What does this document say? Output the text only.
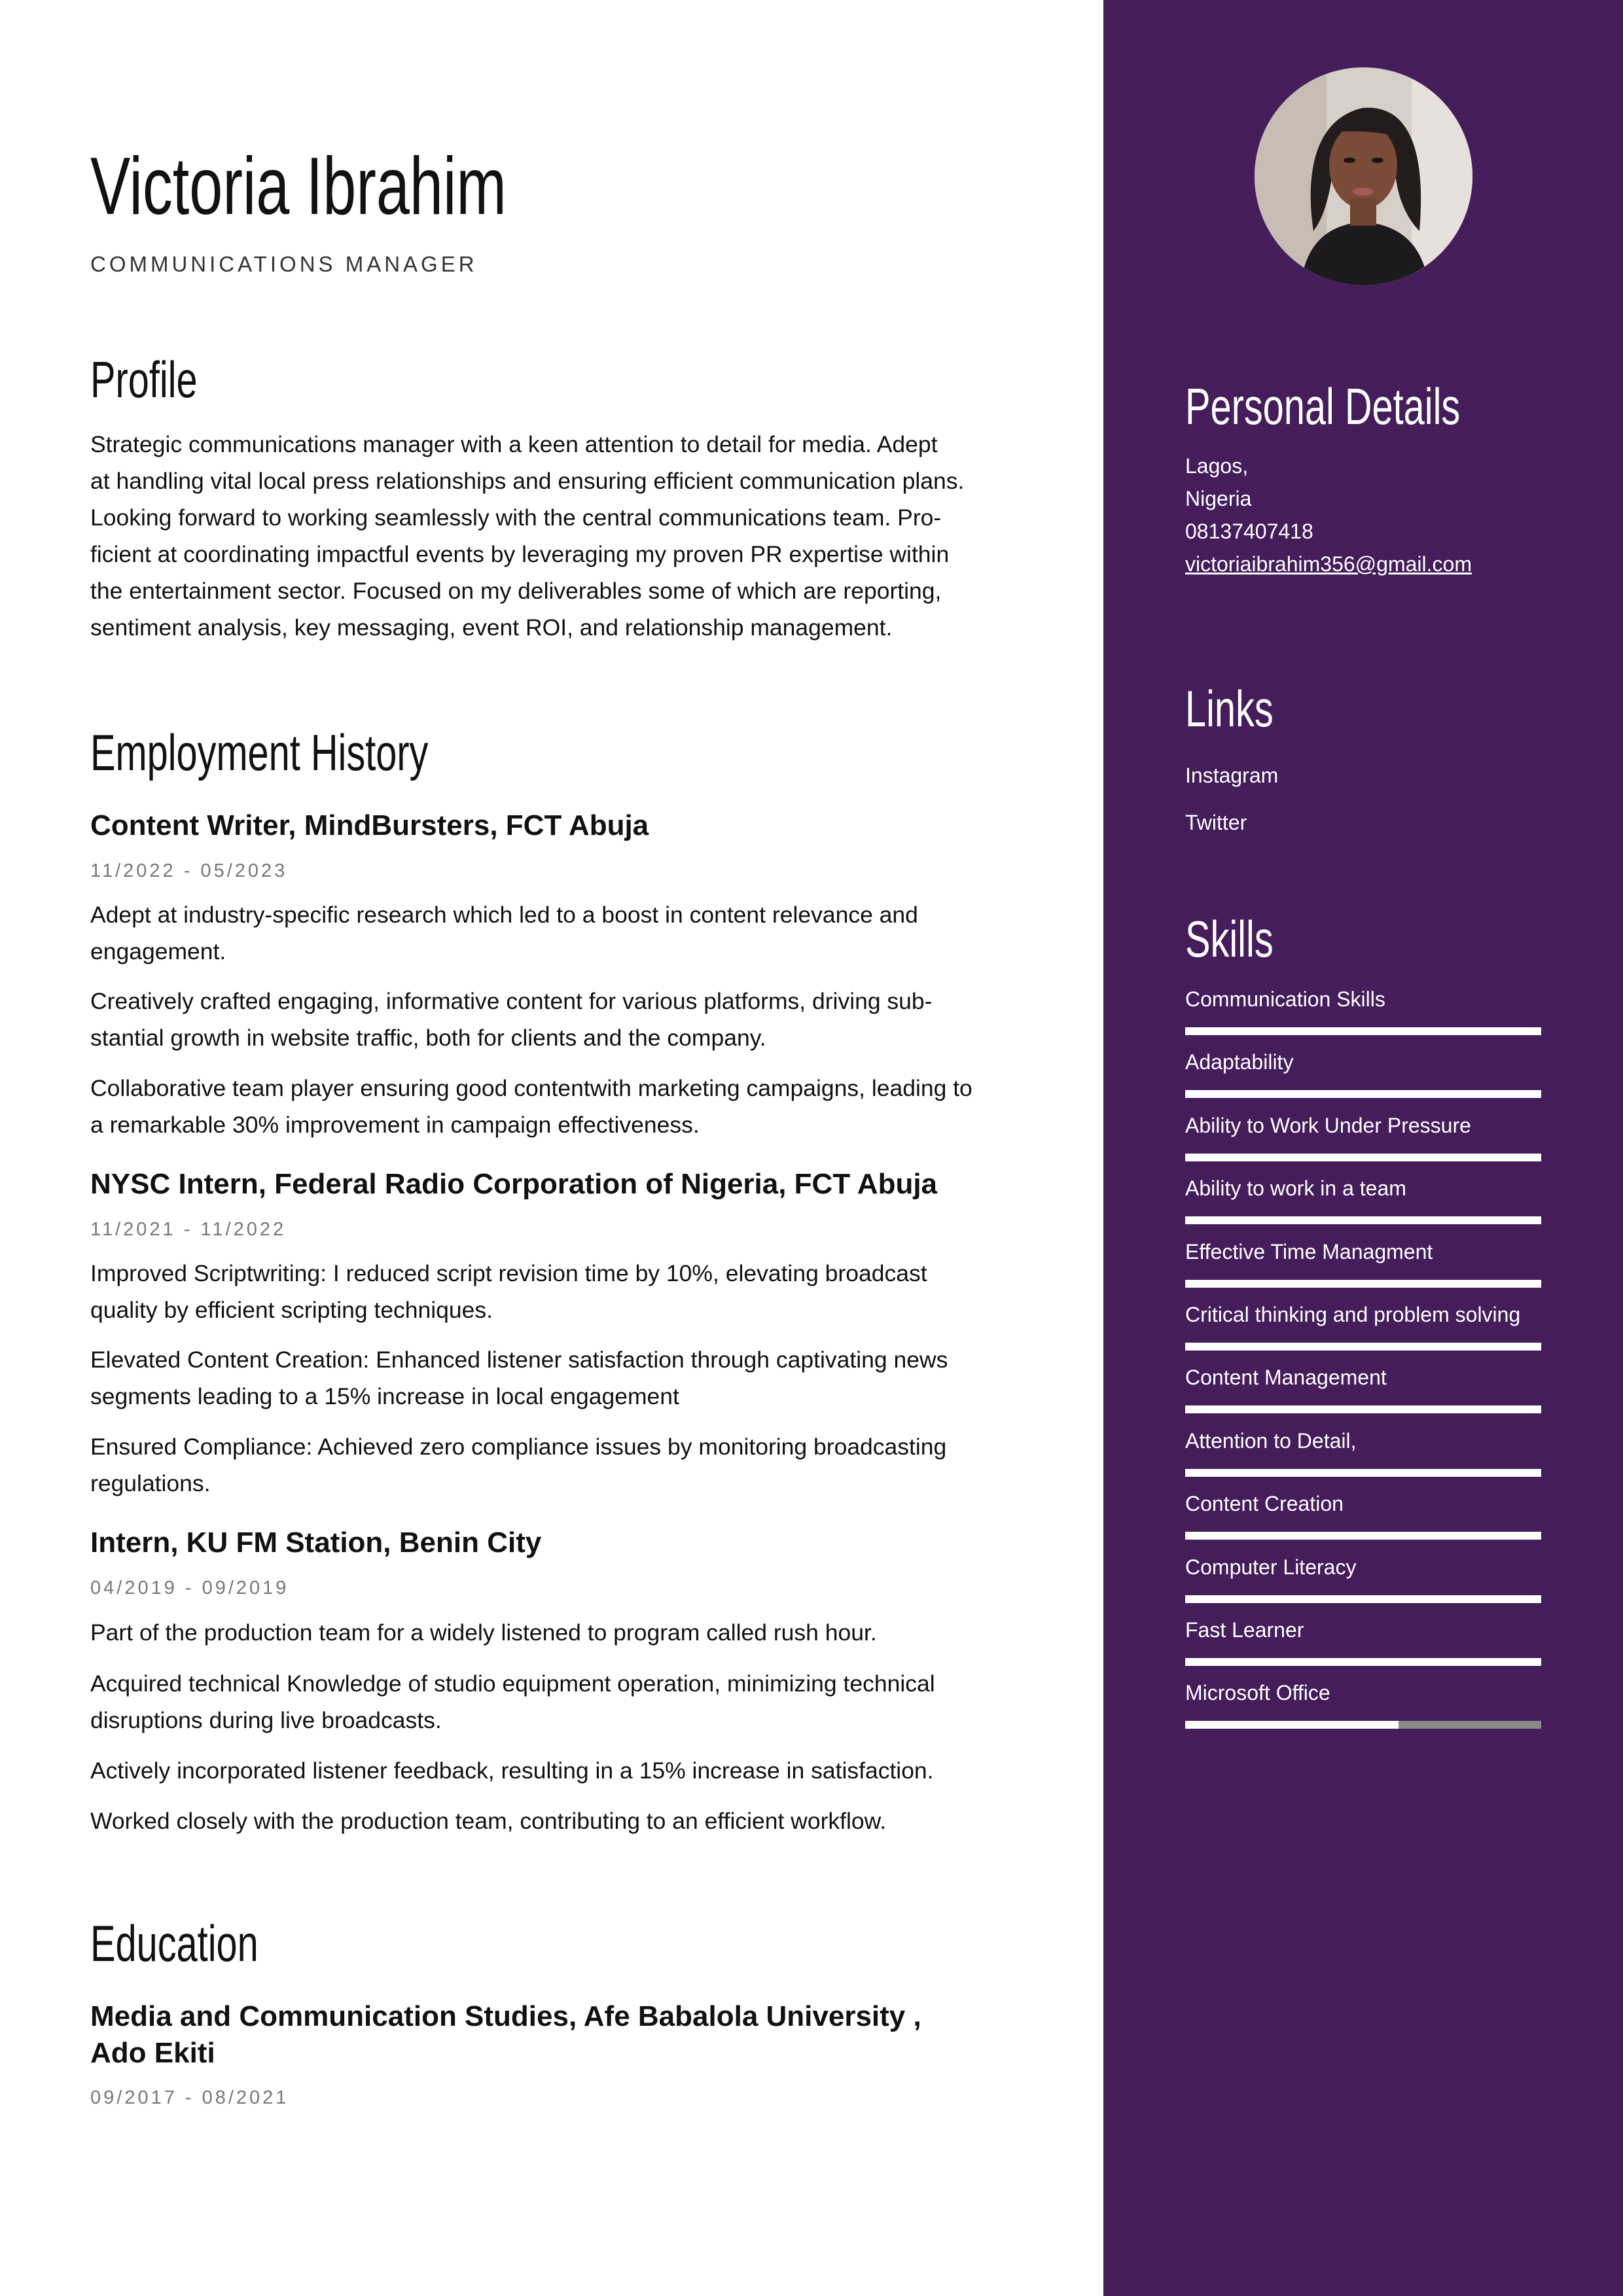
Victoria Ibrahim
COMMUNICATIONS MANAGER
Profile
Strategic communications manager with a keen attention to detail for media. Adept
at handling vital local press relationships and ensuring efficient communication plans.
Looking forward to working seamlessly with the central communications team. Pro-
ficient at coordinating impactful events by leveraging my proven PR expertise within
the entertainment sector. Focused on my deliverables some of which are reporting,
sentiment analysis, key messaging, event ROI, and relationship management.
Employment History
Content Writer, MindBursters, FCT Abuja
11/2022 - 05/2023
Adept at industry-specific research which led to a boost in content relevance and
engagement.
Creatively crafted engaging, informative content for various platforms, driving sub-
stantial growth in website traffic, both for clients and the company.
Collaborative team player ensuring good contentwith marketing campaigns, leading to
a remarkable 30% improvement in campaign effectiveness.
NYSC Intern, Federal Radio Corporation of Nigeria, FCT Abuja
11/2021 - 11/2022
Improved Scriptwriting: I reduced script revision time by 10%, elevating broadcast
quality by efficient scripting techniques.
Elevated Content Creation: Enhanced listener satisfaction through captivating news
segments leading to a 15% increase in local engagement
Ensured Compliance: Achieved zero compliance issues by monitoring broadcasting
regulations.
Intern, KU FM Station, Benin City
04/2019 - 09/2019
Part of the production team for a widely listened to program called rush hour.
Acquired technical Knowledge of studio equipment operation, minimizing technical
disruptions during live broadcasts.
Actively incorporated listener feedback, resulting in a 15% increase in satisfaction.
Worked closely with the production team, contributing to an efficient workflow.
Education
Media and Communication Studies, Afe Babalola University ,
Ado Ekiti
09/2017 - 08/2021
Personal Details
Lagos,
Nigeria
08137407418
victoriaibrahim356@gmail.com
Links
Instagram
Twitter
Skills
Communication Skills
Adaptability
Ability to Work Under Pressure
Ability to work in a team
Effective Time Managment
Critical thinking and problem solving
Content Management
Attention to Detail,
Content Creation
Computer Literacy
Fast Learner
Microsoft Office
